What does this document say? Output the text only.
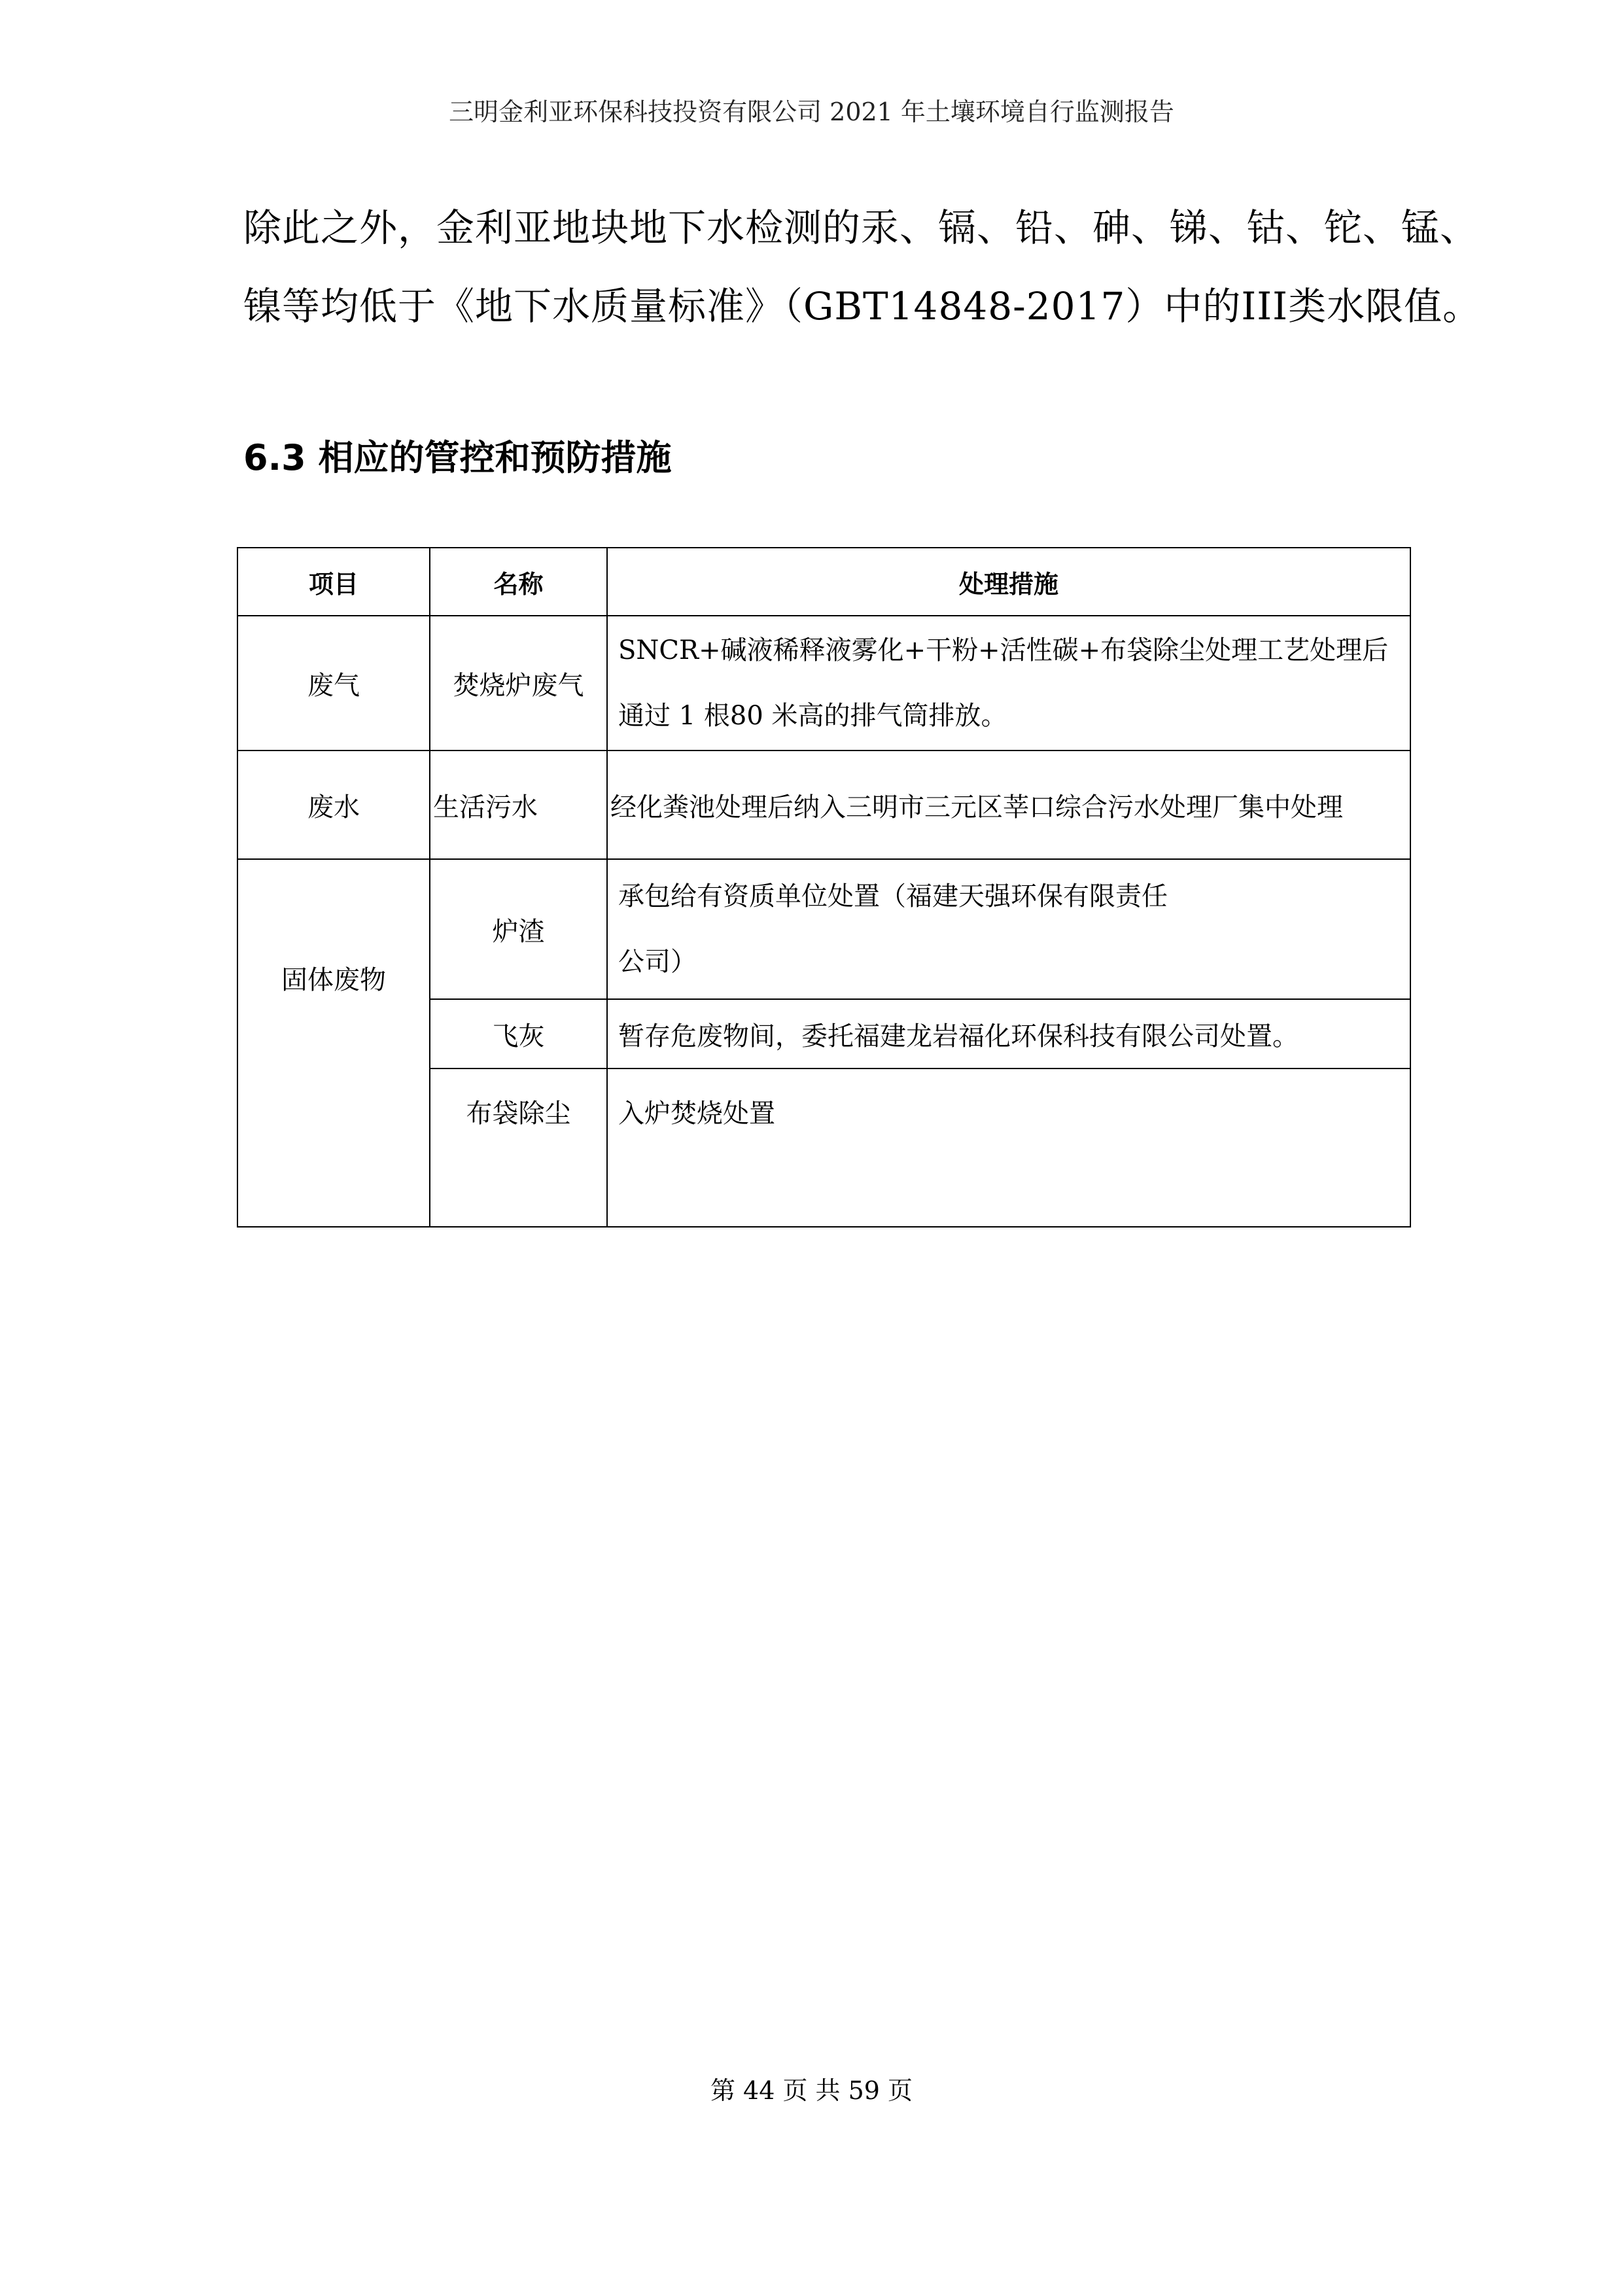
三明金利亚环保科技投资有限公司 2021 年土壤环境自行监测报告
除此之外，金利亚地块地下水检测的汞、镉、铅、砷、锑、钴、铊、锰、
镍等均低于《地下水质量标准》（GBT14848-2017）中的III类水限值。
6.3 相应的管控和预防措施
项目	名称	处理措施
废气	焚烧炉废气	SNCR+碱液稀释液雾化+干粉+活性碳+布袋除尘处理工艺处理后通过 1 根80 米高的排气筒排放。
废水	生活污水	经化粪池处理后纳入三明市三元区莘口综合污水处理厂集中处理
固体废物	炉渣	承包给有资质单位处置（福建天强环保有限责任公司）
	飞灰	暂存危废物间，委托福建龙岩福化环保科技有限公司处置。
	布袋除尘	入炉焚烧处置
第 44 页 共 59 页
